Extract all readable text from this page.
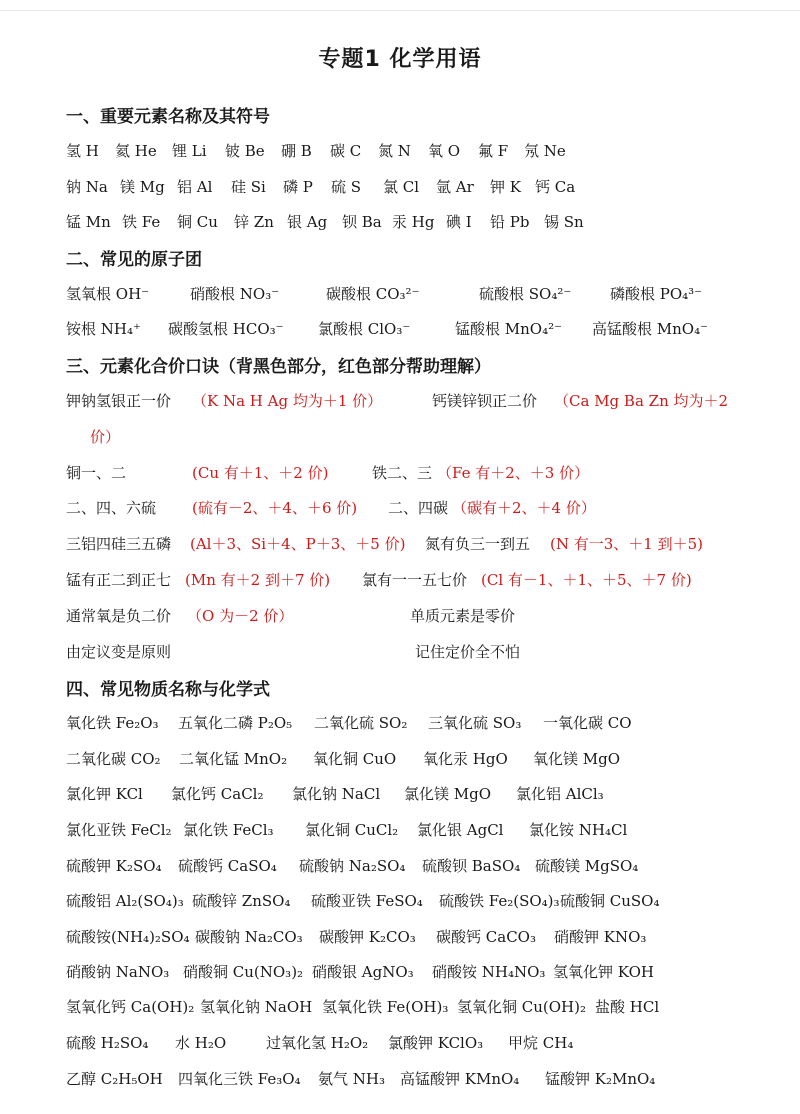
专题1 化学用语
一、重要元素名称及其符号
氢 H 氦 He 锂 Li 铍 Be 硼 B 碳 C 氮 N 氧 O 氟 F 氖 Ne
钠 Na 镁 Mg 铝 Al 硅 Si 磷 P 硫 S 氯 Cl 氩 Ar 钾 K 钙 Ca
锰 Mn 铁 Fe 铜 Cu 锌 Zn 银 Ag 钡 Ba 汞 Hg 碘 I 铅 Pb 锡 Sn
二、常见的原子团
氢氧根 OH⁻	硝酸根 NO₃⁻	碳酸根 CO₃²⁻	硫酸根 SO₄²⁻	磷酸根 PO₄³⁻
铵根 NH₄⁺ 碳酸氢根 HCO₃⁻ 氯酸根 ClO₃⁻	锰酸根 MnO₄²⁻ 高锰酸根 MnO₄⁻
三、元素化合价口诀（背黑色部分，红色部分帮助理解）
钾钠氢银正一价 （K Na H Ag 均为＋1 价）	钙镁锌钡正二价 （Ca Mg Ba Zn 均为＋2
价）
铜一、二	(Cu 有＋1、＋2 价)	铁二、三 （Fe 有＋2、＋3 价）
二、四、六硫 (硫有－2、＋4、＋6 价) 二、四碳 （碳有＋2、＋4 价）
三铝四硅三五磷 (Al＋3、Si＋4、P＋3、＋5 价) 氮有负三一到五 (N 有一3、＋1 到＋5)
锰有正二到正七 (Mn 有＋2 到＋7 价) 氯有一一五七价 (Cl 有－1、＋1、＋5、＋7 价)
通常氧是负二价 （O 为－2 价）	单质元素是零价
由定议变是原则	记住定价全不怕
四、常见物质名称与化学式
氧化铁 Fe₂O₃ 五氧化二磷 P₂O₅ 二氧化硫 SO₂ 三氧化硫 SO₃ 一氧化碳 CO
二氧化碳 CO₂ 二氧化锰 MnO₂ 氧化铜 CuO 氧化汞 HgO 氧化镁 MgO
氯化钾 KCl 氯化钙 CaCl₂ 氯化钠 NaCl 氯化镁 MgO 氯化铝 AlCl₃
氯化亚铁 FeCl₂ 氯化铁 FeCl₃ 氯化铜 CuCl₂ 氯化银 AgCl 氯化铵 NH₄Cl
硫酸钾 K₂SO₄ 硫酸钙 CaSO₄ 硫酸钠 Na₂SO₄ 硫酸钡 BaSO₄ 硫酸镁 MgSO₄
硫酸铝 Al₂(SO₄)₃ 硫酸锌 ZnSO₄ 硫酸亚铁 FeSO₄ 硫酸铁 Fe₂(SO₄)₃ 硫酸铜 CuSO₄
硫酸铵(NH₄)₂SO₄ 碳酸钠 Na₂CO₃ 碳酸钾 K₂CO₃ 碳酸钙 CaCO₃ 硝酸钾 KNO₃
硝酸钠 NaNO₃ 硝酸铜 Cu(NO₃)₂ 硝酸银 AgNO₃ 硝酸铵 NH₄NO₃ 氢氧化钾 KOH
氢氧化钙 Ca(OH)₂ 氢氧化钠 NaOH 氢氧化铁 Fe(OH)₃ 氢氧化铜 Cu(OH)₂ 盐酸 HCl
硫酸 H₂SO₄ 水 H₂O	过氧化氢 H₂O₂ 氯酸钾 KClO₃ 甲烷 CH₄
乙醇 C₂H₅OH 四氧化三铁 Fe₃O₄ 氨气 NH₃ 高锰酸钾 KMnO₄ 锰酸钾 K₂MnO₄
